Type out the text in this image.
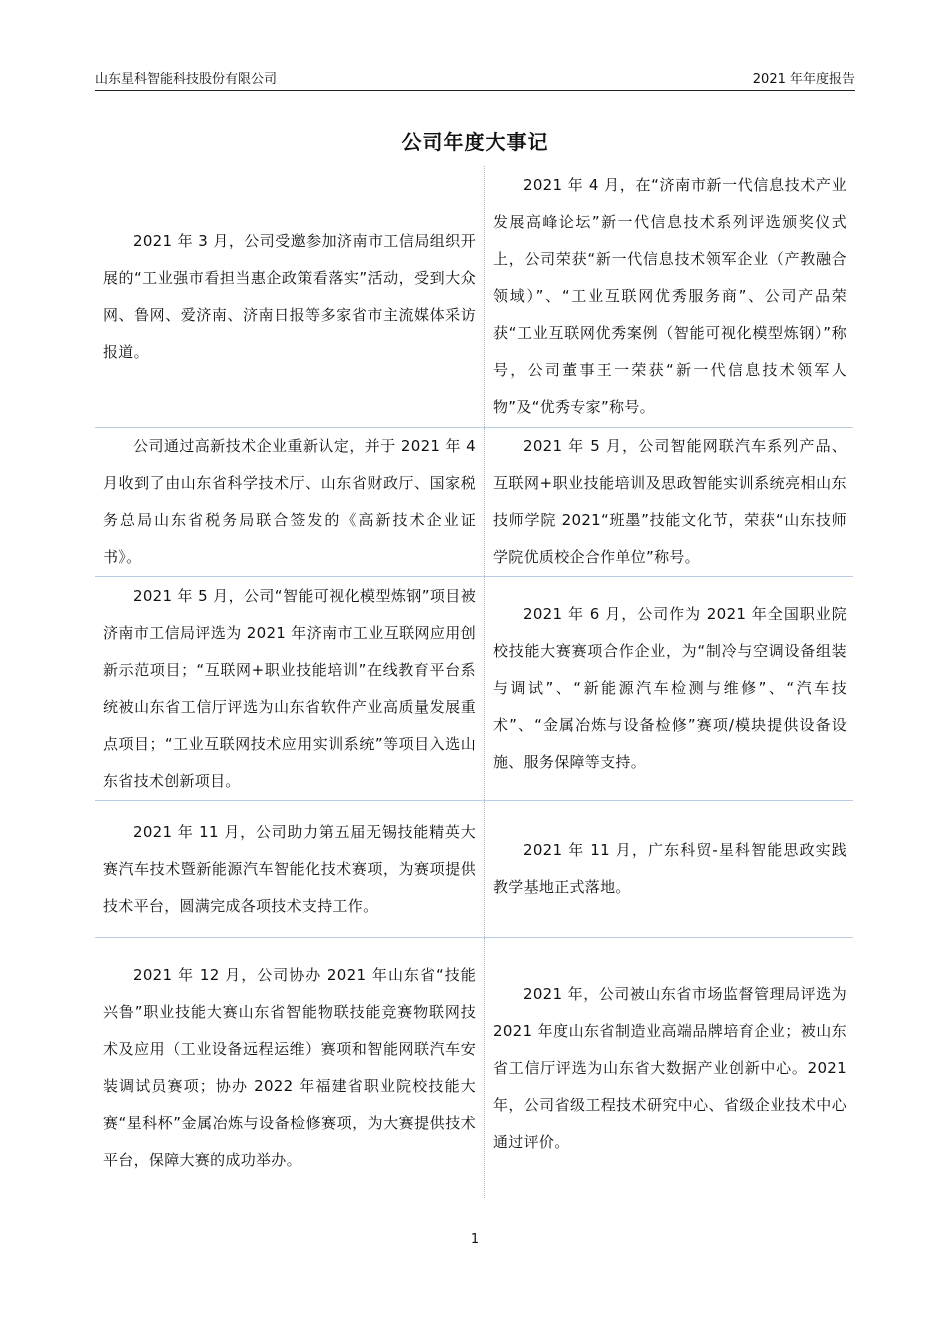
山东星科智能科技股份有限公司	2021 年年度报告
公司年度大事记

2021 年 3 月，公司受邀参加济南市工信局组织开展的“工业强市看担当惠企政策看落实”活动，受到大众网、鲁网、爱济南、济南日报等多家省市主流媒体采访报道。

2021 年 4 月，在“济南市新一代信息技术产业发展高峰论坛”新一代信息技术系列评选颁奖仪式上，公司荣获“新一代信息技术领军企业（产教融合领域）”、“工业互联网优秀服务商”、公司产品荣获“工业互联网优秀案例（智能可视化模型炼钢）”称号，公司董事王一荣获“新一代信息技术领军人物”及“优秀专家”称号。

公司通过高新技术企业重新认定，并于 2021 年 4 月收到了由山东省科学技术厅、山东省财政厅、国家税务总局山东省税务局联合签发的《高新技术企业证书》。

2021 年 5 月，公司智能网联汽车系列产品、互联网+职业技能培训及思政智能实训系统亮相山东技师学院 2021“班墨”技能文化节，荣获“山东技师学院优质校企合作单位”称号。

2021 年 5 月，公司“智能可视化模型炼钢”项目被济南市工信局评选为 2021 年济南市工业互联网应用创新示范项目；“互联网+职业技能培训”在线教育平台系统被山东省工信厅评选为山东省软件产业高质量发展重点项目；“工业互联网技术应用实训系统”等项目入选山东省技术创新项目。

2021 年 6 月，公司作为 2021 年全国职业院校技能大赛赛项合作企业，为“制冷与空调设备组装与调试”、“新能源汽车检测与维修”、“汽车技术”、“金属冶炼与设备检修”赛项/模块提供设备设施、服务保障等支持。

2021 年 11 月，公司助力第五届无锡技能精英大赛汽车技术暨新能源汽车智能化技术赛项，为赛项提供技术平台，圆满完成各项技术支持工作。

2021 年 11 月，广东科贸-星科智能思政实践教学基地正式落地。

2021 年 12 月，公司协办 2021 年山东省“技能兴鲁”职业技能大赛山东省智能物联技能竞赛物联网技术及应用（工业设备远程运维）赛项和智能网联汽车安装调试员赛项；协办 2022 年福建省职业院校技能大赛“星科杯”金属冶炼与设备检修赛项，为大赛提供技术平台，保障大赛的成功举办。

2021 年，公司被山东省市场监督管理局评选为 2021 年度山东省制造业高端品牌培育企业；被山东省工信厅评选为山东省大数据产业创新中心。2021 年，公司省级工程技术研究中心、省级企业技术中心通过评价。

1
